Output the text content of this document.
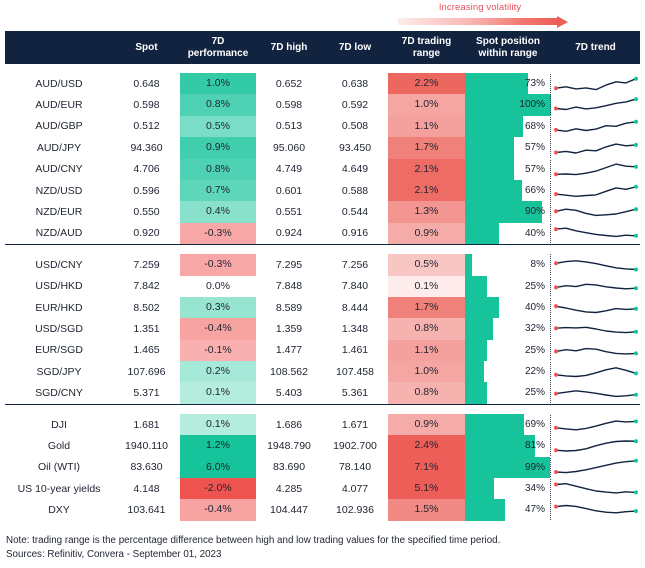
Increasing volatility
	Spot	7D performance	7D high	7D low	7D trading range	Spot position within range	7D trend

AUD/USD	0.648	1.0%	0.652	0.638	2.2%	73%

AUD/EUR	0.598	0.8%	0.598	0.592	1.0%	100%

AUD/GBP	0.512	0.5%	0.513	0.508	1.1%	68%

AUD/JPY	94.360	0.9%	95.060	93.450	1.7%	57%

AUD/CNY	4.706	0.8%	4.749	4.649	2.1%	57%

NZD/USD	0.596	0.7%	0.601	0.588	2.1%	66%

NZD/EUR	0.550	0.4%	0.551	0.544	1.3%	90%

NZD/AUD	0.920	-0.3%	0.924	0.916	0.9%	40%

USD/CNY	7.259	-0.3%	7.295	7.256	0.5%	8%

USD/HKD	7.842	0.0%	7.848	7.840	0.1%	25%

EUR/HKD	8.502	0.3%	8.589	8.444	1.7%	40%

USD/SGD	1.351	-0.4%	1.359	1.348	0.8%	32%

EUR/SGD	1.465	-0.1%	1.477	1.461	1.1%	25%

SGD/JPY	107.696	0.2%	108.562	107.458	1.0%	22%

SGD/CNY	5.371	0.1%	5.403	5.361	0.8%	25%

DJI	1.681	0.1%	1.686	1.671	0.9%	69%

Gold	1940.110	1.2%	1948.790	1902.700	2.4%	81%

Oil (WTI)	83.630	6.0%	83.690	78.140	7.1%	99%

US 10-year yields	4.148	-2.0%	4.285	4.077	5.1%	34%

DXY	103.641	-0.4%	104.447	102.936	1.5%	47%

Note: trading range is the percentage difference between high and low trading values for the specified time period.
Sources: Refinitiv, Convera - September 01, 2023
